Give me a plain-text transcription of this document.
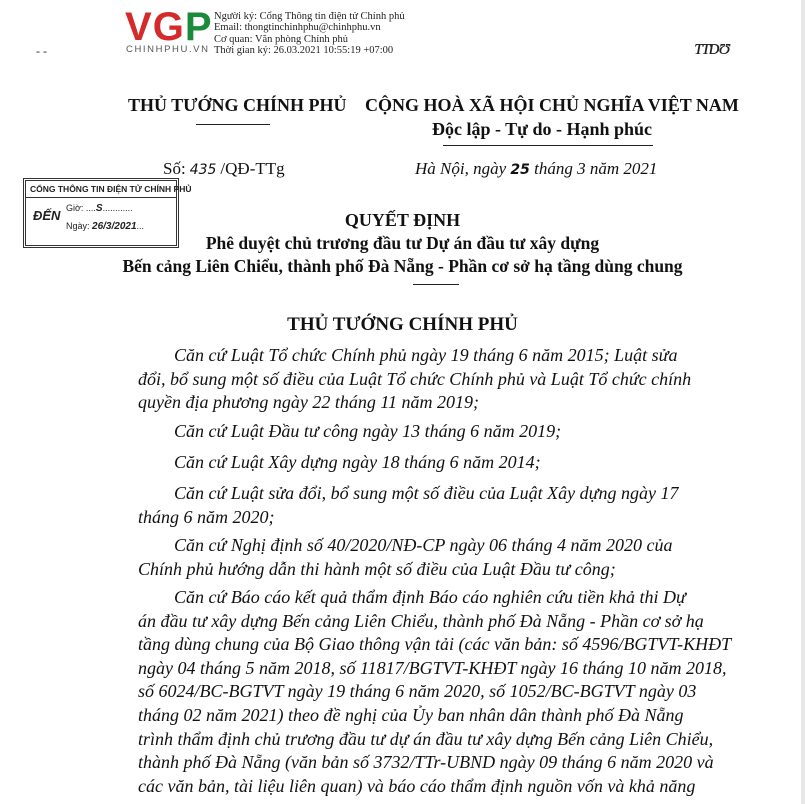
VGP
CHINHPHU.VN
Người ký: Cổng Thông tin điện tử Chính phủ
Email: thongtinchinhphu@chinhphu.vn
Cơ quan: Văn phòng Chính phủ
Thời gian ký: 26.03.2021 10:55:19 +07:00
- -	ᴛᴛᴅʊ
THỦ TƯỚNG CHÍNH PHỦ CỘNG HOÀ XÃ HỘI CHỦ NGHĨA VIỆT NAM
Độc lập - Tự do - Hạnh phúc
Số: 435 /QĐ-TTg	Hà Nội, ngày 25 tháng 3 năm 2021
CỔNG THÔNG TIN ĐIỆN TỬ CHÍNH PHỦ
ĐẾN Giờ: ....S............
Ngày: 26/3/2021...	QUYẾT ĐỊNH
Phê duyệt chủ trương đầu tư Dự án đầu tư xây dựng
Bến cảng Liên Chiểu, thành phố Đà Nẵng - Phần cơ sở hạ tầng dùng chung
THỦ TƯỚNG CHÍNH PHỦ
Căn cứ Luật Tổ chức Chính phủ ngày 19 tháng 6 năm 2015; Luật sửa
đổi, bổ sung một số điều của Luật Tổ chức Chính phủ và Luật Tổ chức chính
quyền địa phương ngày 22 tháng 11 năm 2019;
Căn cứ Luật Đầu tư công ngày 13 tháng 6 năm 2019;
Căn cứ Luật Xây dựng ngày 18 tháng 6 năm 2014;
Căn cứ Luật sửa đổi, bổ sung một số điều của Luật Xây dựng ngày 17
tháng 6 năm 2020;
Căn cứ Nghị định số 40/2020/NĐ-CP ngày 06 tháng 4 năm 2020 của
Chính phủ hướng dẫn thi hành một số điều của Luật Đầu tư công;
Căn cứ Báo cáo kết quả thẩm định Báo cáo nghiên cứu tiền khả thi Dự
án đầu tư xây dựng Bến cảng Liên Chiểu, thành phố Đà Nẵng - Phần cơ sở hạ
tầng dùng chung của Bộ Giao thông vận tải (các văn bản: số 4596/BGTVT-KHĐT
ngày 04 tháng 5 năm 2018, số 11817/BGTVT-KHĐT ngày 16 tháng 10 năm 2018,
số 6024/BC-BGTVT ngày 19 tháng 6 năm 2020, số 1052/BC-BGTVT ngày 03
tháng 02 năm 2021) theo đề nghị của Ủy ban nhân dân thành phố Đà Nẵng
trình thẩm định chủ trương đầu tư dự án đầu tư xây dựng Bến cảng Liên Chiểu,
thành phố Đà Nẵng (văn bản số 3732/TTr-UBND ngày 09 tháng 6 năm 2020 và
các văn bản, tài liệu liên quan) và báo cáo thẩm định nguồn vốn và khả năng
